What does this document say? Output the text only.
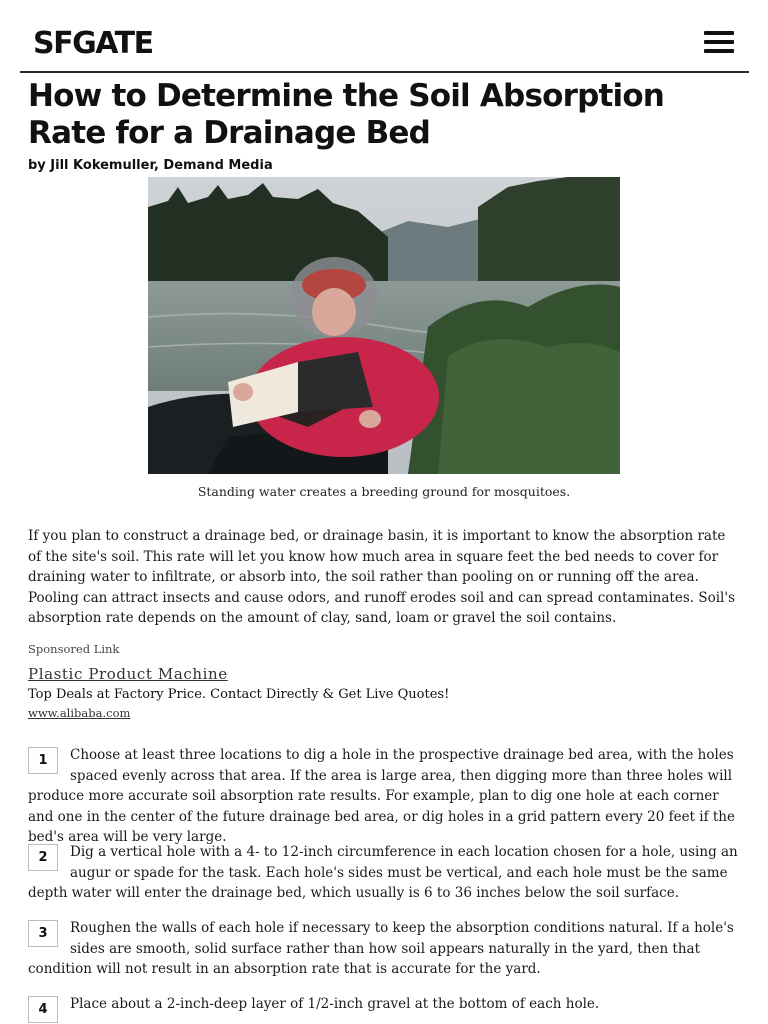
SFGATE
How to Determine the Soil Absorption Rate for a Drainage Bed
by Jill Kokemuller, Demand Media
Standing water creates a breeding ground for mosquitoes.

If you plan to construct a drainage bed, or drainage basin, it is important to know the absorption rate of the site's soil. This rate will let you know how much area in square feet the bed needs to cover for draining water to infiltrate, or absorb into, the soil rather than pooling on or running off the area. Pooling can attract insects and cause odors, and runoff erodes soil and can spread contaminates. Soil's absorption rate depends on the amount of clay, sand, loam or gravel the soil contains.

Sponsored Link
Plastic Product Machine
Top Deals at Factory Price. Contact Directly & Get Live Quotes!
www.alibaba.com
1	Choose at least three locations to dig a hole in the prospective drainage bed area, with the holes spaced evenly across that area. If the area is large area, then digging more than three holes will produce more accurate soil absorption rate results. For example, plan to dig one hole at each corner and one in the center of the future drainage bed area, or dig holes in a grid pattern every 20 feet if the bed's area will be very large.
2	Dig a vertical hole with a 4- to 12-inch circumference in each location chosen for a hole, using an augur or spade for the task. Each hole's sides must be vertical, and each hole must be the same depth water will enter the drainage bed, which usually is 6 to 36 inches below the soil surface.
3	Roughen the walls of each hole if necessary to keep the absorption conditions natural. If a hole's sides are smooth, solid surface rather than how soil appears naturally in the yard, then that condition will not result in an absorption rate that is accurate for the yard.
4	Place about a 2-inch-deep layer of 1/2-inch gravel at the bottom of each hole.
